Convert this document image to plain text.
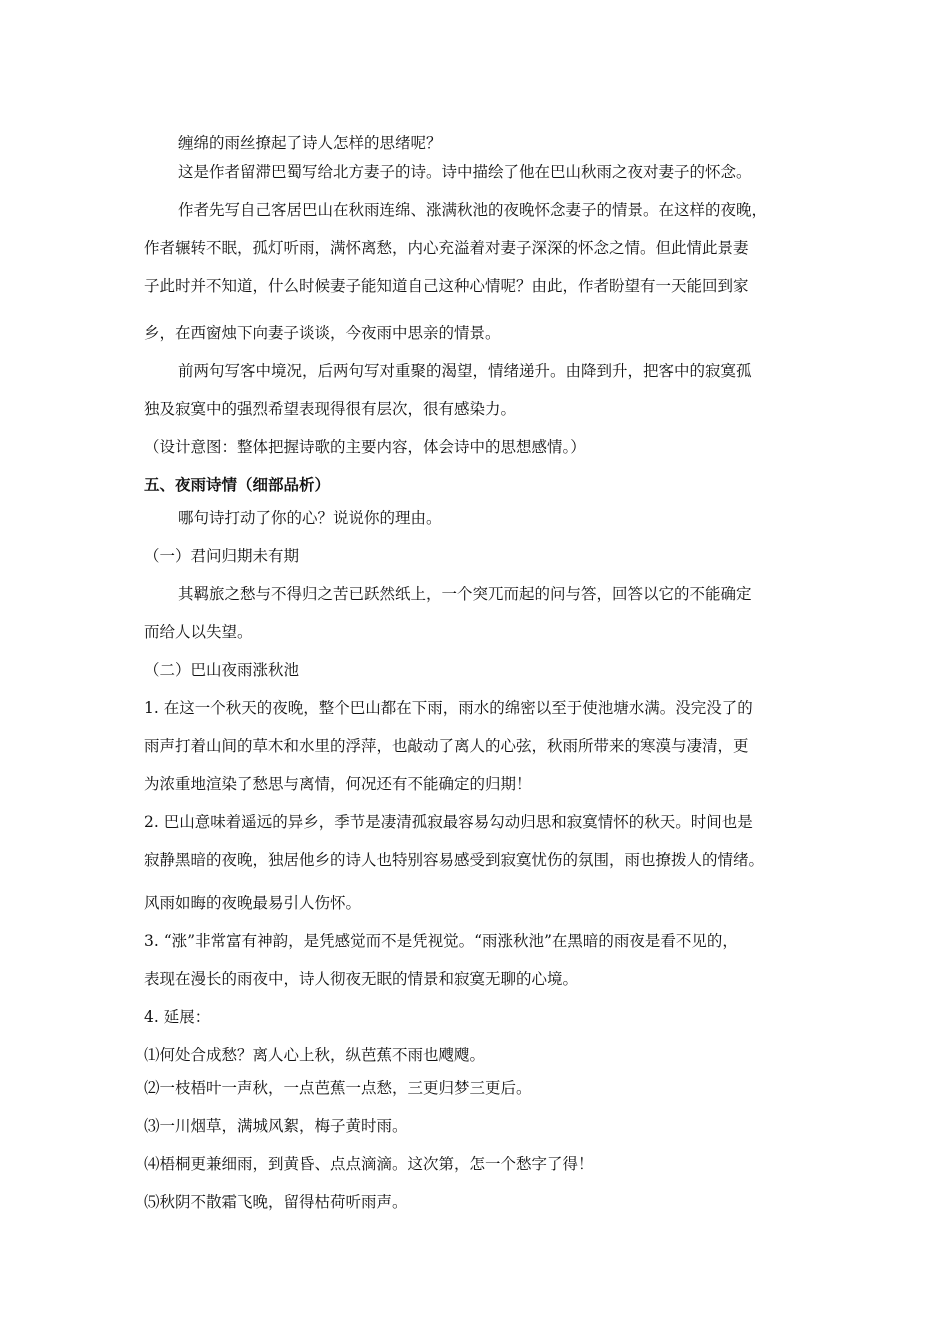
缠绵的雨丝撩起了诗人怎样的思绪呢？
这是作者留滞巴蜀写给北方妻子的诗。诗中描绘了他在巴山秋雨之夜对妻子的怀念。
作者先写自己客居巴山在秋雨连绵、涨满秋池的夜晚怀念妻子的情景。在这样的夜晚，
作者辗转不眠，孤灯听雨，满怀离愁，内心充溢着对妻子深深的怀念之情。但此情此景妻
子此时并不知道，什么时候妻子能知道自己这种心情呢？由此，作者盼望有一天能回到家
乡，在西窗烛下向妻子谈谈，今夜雨中思亲的情景。
前两句写客中境况，后两句写对重聚的渴望，情绪递升。由降到升，把客中的寂寞孤
独及寂寞中的强烈希望表现得很有层次，很有感染力。
（设计意图：整体把握诗歌的主要内容，体会诗中的思想感情。）
五、夜雨诗情（细部品析）
哪句诗打动了你的心？说说你的理由。
（一）君问归期未有期
其羁旅之愁与不得归之苦已跃然纸上，一个突兀而起的问与答，回答以它的不能确定
而给人以失望。
（二）巴山夜雨涨秋池
1. 在这一个秋天的夜晚，整个巴山都在下雨，雨水的绵密以至于使池塘水满。没完没了的
雨声打着山间的草木和水里的浮萍，也敲动了离人的心弦，秋雨所带来的寒漠与凄清，更
为浓重地渲染了愁思与离情，何况还有不能确定的归期！
2. 巴山意味着遥远的异乡，季节是凄清孤寂最容易勾动归思和寂寞情怀的秋天。时间也是
寂静黑暗的夜晚，独居他乡的诗人也特别容易感受到寂寞忧伤的氛围，雨也撩拨人的情绪。
风雨如晦的夜晚最易引人伤怀。
3. “涨”非常富有神韵，是凭感觉而不是凭视觉。“雨涨秋池”在黑暗的雨夜是看不见的，
表现在漫长的雨夜中，诗人彻夜无眠的情景和寂寞无聊的心境。
4. 延展：
⑴何处合成愁？离人心上秋，纵芭蕉不雨也飕飕。
⑵一枝梧叶一声秋，一点芭蕉一点愁，三更归梦三更后。
⑶一川烟草，满城风絮，梅子黄时雨。
⑷梧桐更兼细雨，到黄昏、点点滴滴。这次第，怎一个愁字了得！
⑸秋阴不散霜飞晚，留得枯荷听雨声。
